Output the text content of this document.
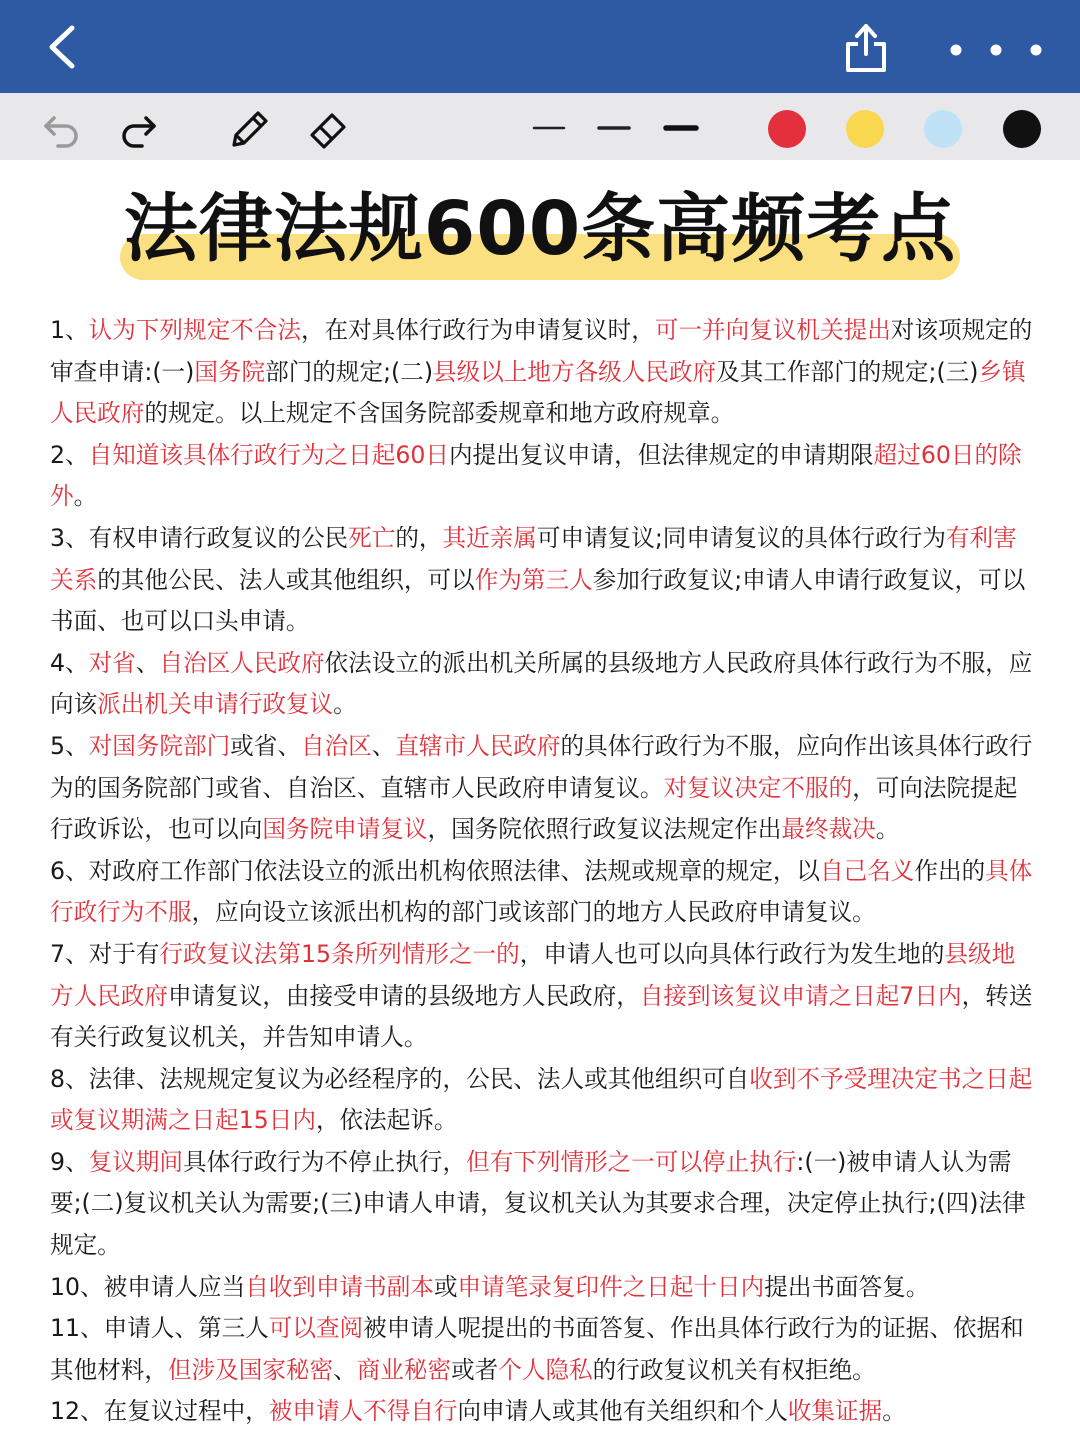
法律法规600条高频考点

1、认为下列规定不合法，在对具体行政行为申请复议时，可一并向复议机关提出对该项规定的审查申请:(一)国务院部门的规定;(二)县级以上地方各级人民政府及其工作部门的规定;(三)乡镇人民政府的规定。以上规定不含国务院部委规章和地方政府规章。

2、自知道该具体行政行为之日起60日内提出复议申请，但法律规定的申请期限超过60日的除外。

3、有权申请行政复议的公民死亡的，其近亲属可申请复议;同申请复议的具体行政行为有利害关系的其他公民、法人或其他组织，可以作为第三人参加行政复议;申请人申请行政复议，可以书面、也可以口头申请。

4、对省、自治区人民政府依法设立的派出机关所属的县级地方人民政府具体行政行为不服，应向该派出机关申请行政复议。

5、对国务院部门或省、自治区、直辖市人民政府的具体行政行为不服，应向作出该具体行政行为的国务院部门或省、自治区、直辖市人民政府申请复议。对复议决定不服的，可向法院提起行政诉讼，也可以向国务院申请复议，国务院依照行政复议法规定作出最终裁决。

6、对政府工作部门依法设立的派出机构依照法律、法规或规章的规定，以自己名义作出的具体行政行为不服，应向设立该派出机构的部门或该部门的地方人民政府申请复议。

7、对于有行政复议法第15条所列情形之一的，申请人也可以向具体行政行为发生地的县级地方人民政府申请复议，由接受申请的县级地方人民政府，自接到该复议申请之日起7日内，转送有关行政复议机关，并告知申请人。

8、法律、法规规定复议为必经程序的，公民、法人或其他组织可自收到不予受理决定书之日起或复议期满之日起15日内，依法起诉。

9、复议期间具体行政行为不停止执行，但有下列情形之一可以停止执行:(一)被申请人认为需要;(二)复议机关认为需要;(三)申请人申请，复议机关认为其要求合理，决定停止执行;(四)法律规定。

10、被申请人应当自收到申请书副本或申请笔录复印件之日起十日内提出书面答复。

11、申请人、第三人可以查阅被申请人呢提出的书面答复、作出具体行政行为的证据、依据和其他材料，但涉及国家秘密、商业秘密或者个人隐私的行政复议机关有权拒绝。

12、在复议过程中，被申请人不得自行向申请人或其他有关组织和个人收集证据。
